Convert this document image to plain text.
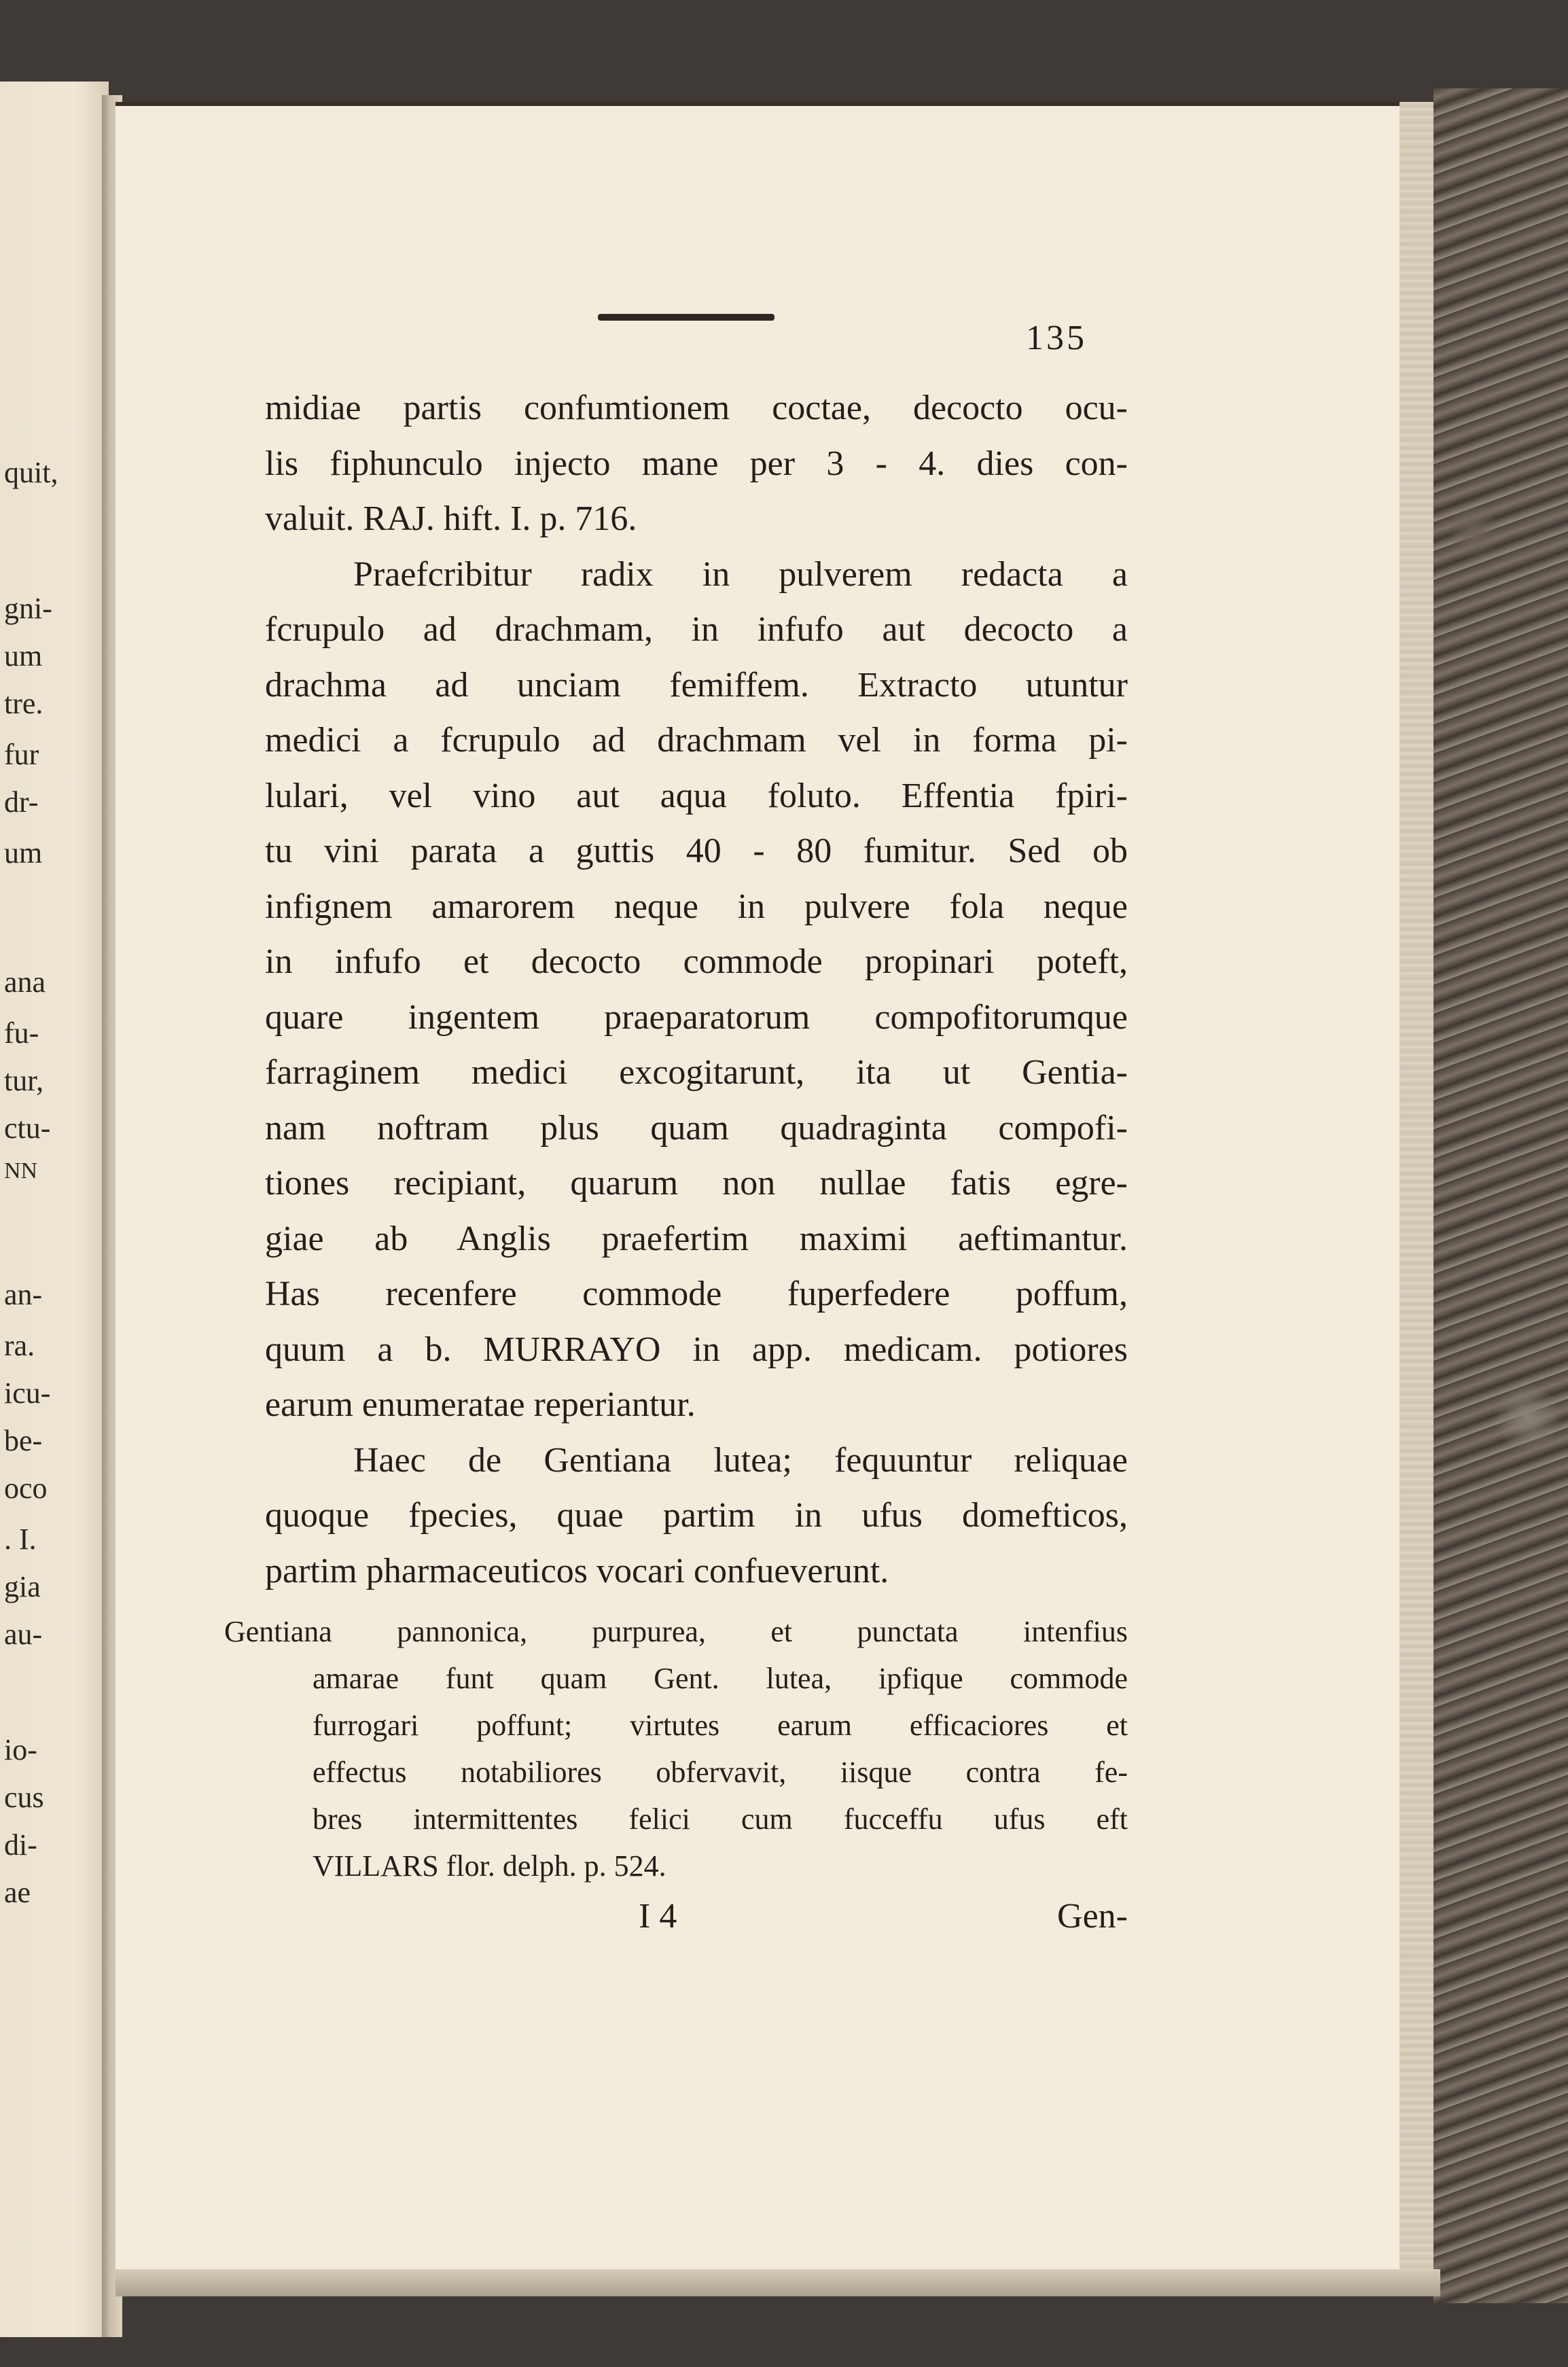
quit,
gni-
um
tre.
fur
dr-
um
ana
fu-
tur,
ctu-
NN
an-
ra.
icu-
be-
oco
. I.
gia
au-
io-
cus
di-
ae
135
midiae partis confumtionem coctae, decocto ocu-
lis fiphunculo injecto mane per 3 - 4. dies con-
valuit. RAJ. hift. I. p. 716.
Praefcribitur radix in pulverem redacta a
fcrupulo ad drachmam, in infufo aut decocto a
drachma ad unciam femiffem. Extracto utuntur
medici a fcrupulo ad drachmam vel in forma pi-
lulari, vel vino aut aqua foluto. Effentia fpiri-
tu vini parata a guttis 40 - 80 fumitur. Sed ob
infignem amarorem neque in pulvere fola neque
in infufo et decocto commode propinari poteft,
quare ingentem praeparatorum compofitorumque
farraginem medici excogitarunt, ita ut Gentia-
nam noftram plus quam quadraginta compofi-
tiones recipiant, quarum non nullae fatis egre-
giae ab Anglis praefertim maximi aeftimantur.
Has recenfere commode fuperfedere poffum,
quum a b. MURRAYO in app. medicam. potiores
earum enumeratae reperiantur.
Haec de Gentiana lutea; fequuntur reliquae
quoque fpecies, quae partim in ufus domefticos,
partim pharmaceuticos vocari confueverunt.
Gentiana pannonica, purpurea, et punctata intenfius
amarae funt quam Gent. lutea, ipfique commode
furrogari poffunt; virtutes earum efficaciores et
effectus notabiliores obfervavit, iisque contra fe-
bres intermittentes felici cum fucceffu ufus eft
VILLARS flor. delph. p. 524.
I 4	Gen-
